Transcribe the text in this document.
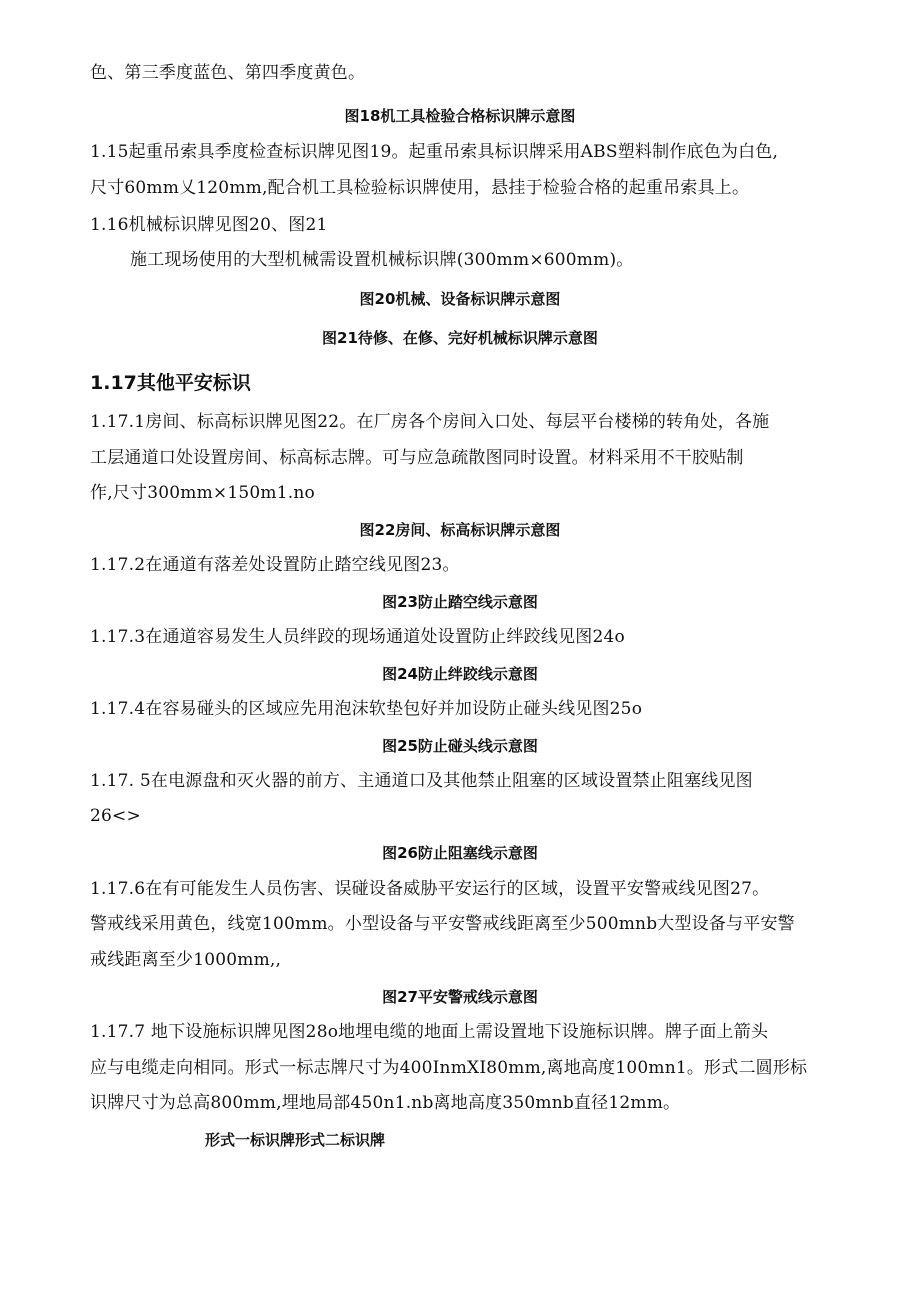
色、第三季度蓝色、第四季度黄色。
图18机工具检验合格标识牌示意图
1.15起重吊索具季度检查标识牌见图19。起重吊索具标识牌采用ABS塑料制作底色为白色,
尺寸60mm乂120mm,配合机工具检验标识牌使用，悬挂于检验合格的起重吊索具上。
1.16机械标识牌见图20、图21
施工现场使用的大型机械需设置机械标识牌(300mm×600mm)。
图20机械、设备标识牌示意图
图21待修、在修、完好机械标识牌示意图
1.17其他平安标识
1.17.1房间、标高标识牌见图22。在厂房各个房间入口处、每层平台楼梯的转角处，各施
工层通道口处设置房间、标高标志牌。可与应急疏散图同时设置。材料采用不干胶贴制
作,尺寸300mm×150m1.no
图22房间、标高标识牌示意图
1.17.2在通道有落差处设置防止踏空线见图23。
图23防止踏空线示意图
1.17.3在通道容易发生人员绊跤的现场通道处设置防止绊跤线见图24o
图24防止绊跤线示意图
1.17.4在容易碰头的区域应先用泡沫软垫包好并加设防止碰头线见图25o
图25防止碰头线示意图
1.17. 5在电源盘和灭火器的前方、主通道口及其他禁止阻塞的区域设置禁止阻塞线见图
26<>
图26防止阻塞线示意图
1.17.6在有可能发生人员伤害、误碰设备威胁平安运行的区域，设置平安警戒线见图27。
警戒线采用黄色，线宽100mm。小型设备与平安警戒线距离至少500mnb大型设备与平安警
戒线距离至少1000mm,,
图27平安警戒线示意图
1.17.7 地下设施标识牌见图28o地埋电缆的地面上需设置地下设施标识牌。牌子面上箭头
应与电缆走向相同。形式一标志牌尺寸为400InmXI80mm,离地高度100mn1。形式二圆形标
识牌尺寸为总高800mm,埋地局部450n1.nb离地高度350mnb直径12mm。
形式一标识牌形式二标识牌
